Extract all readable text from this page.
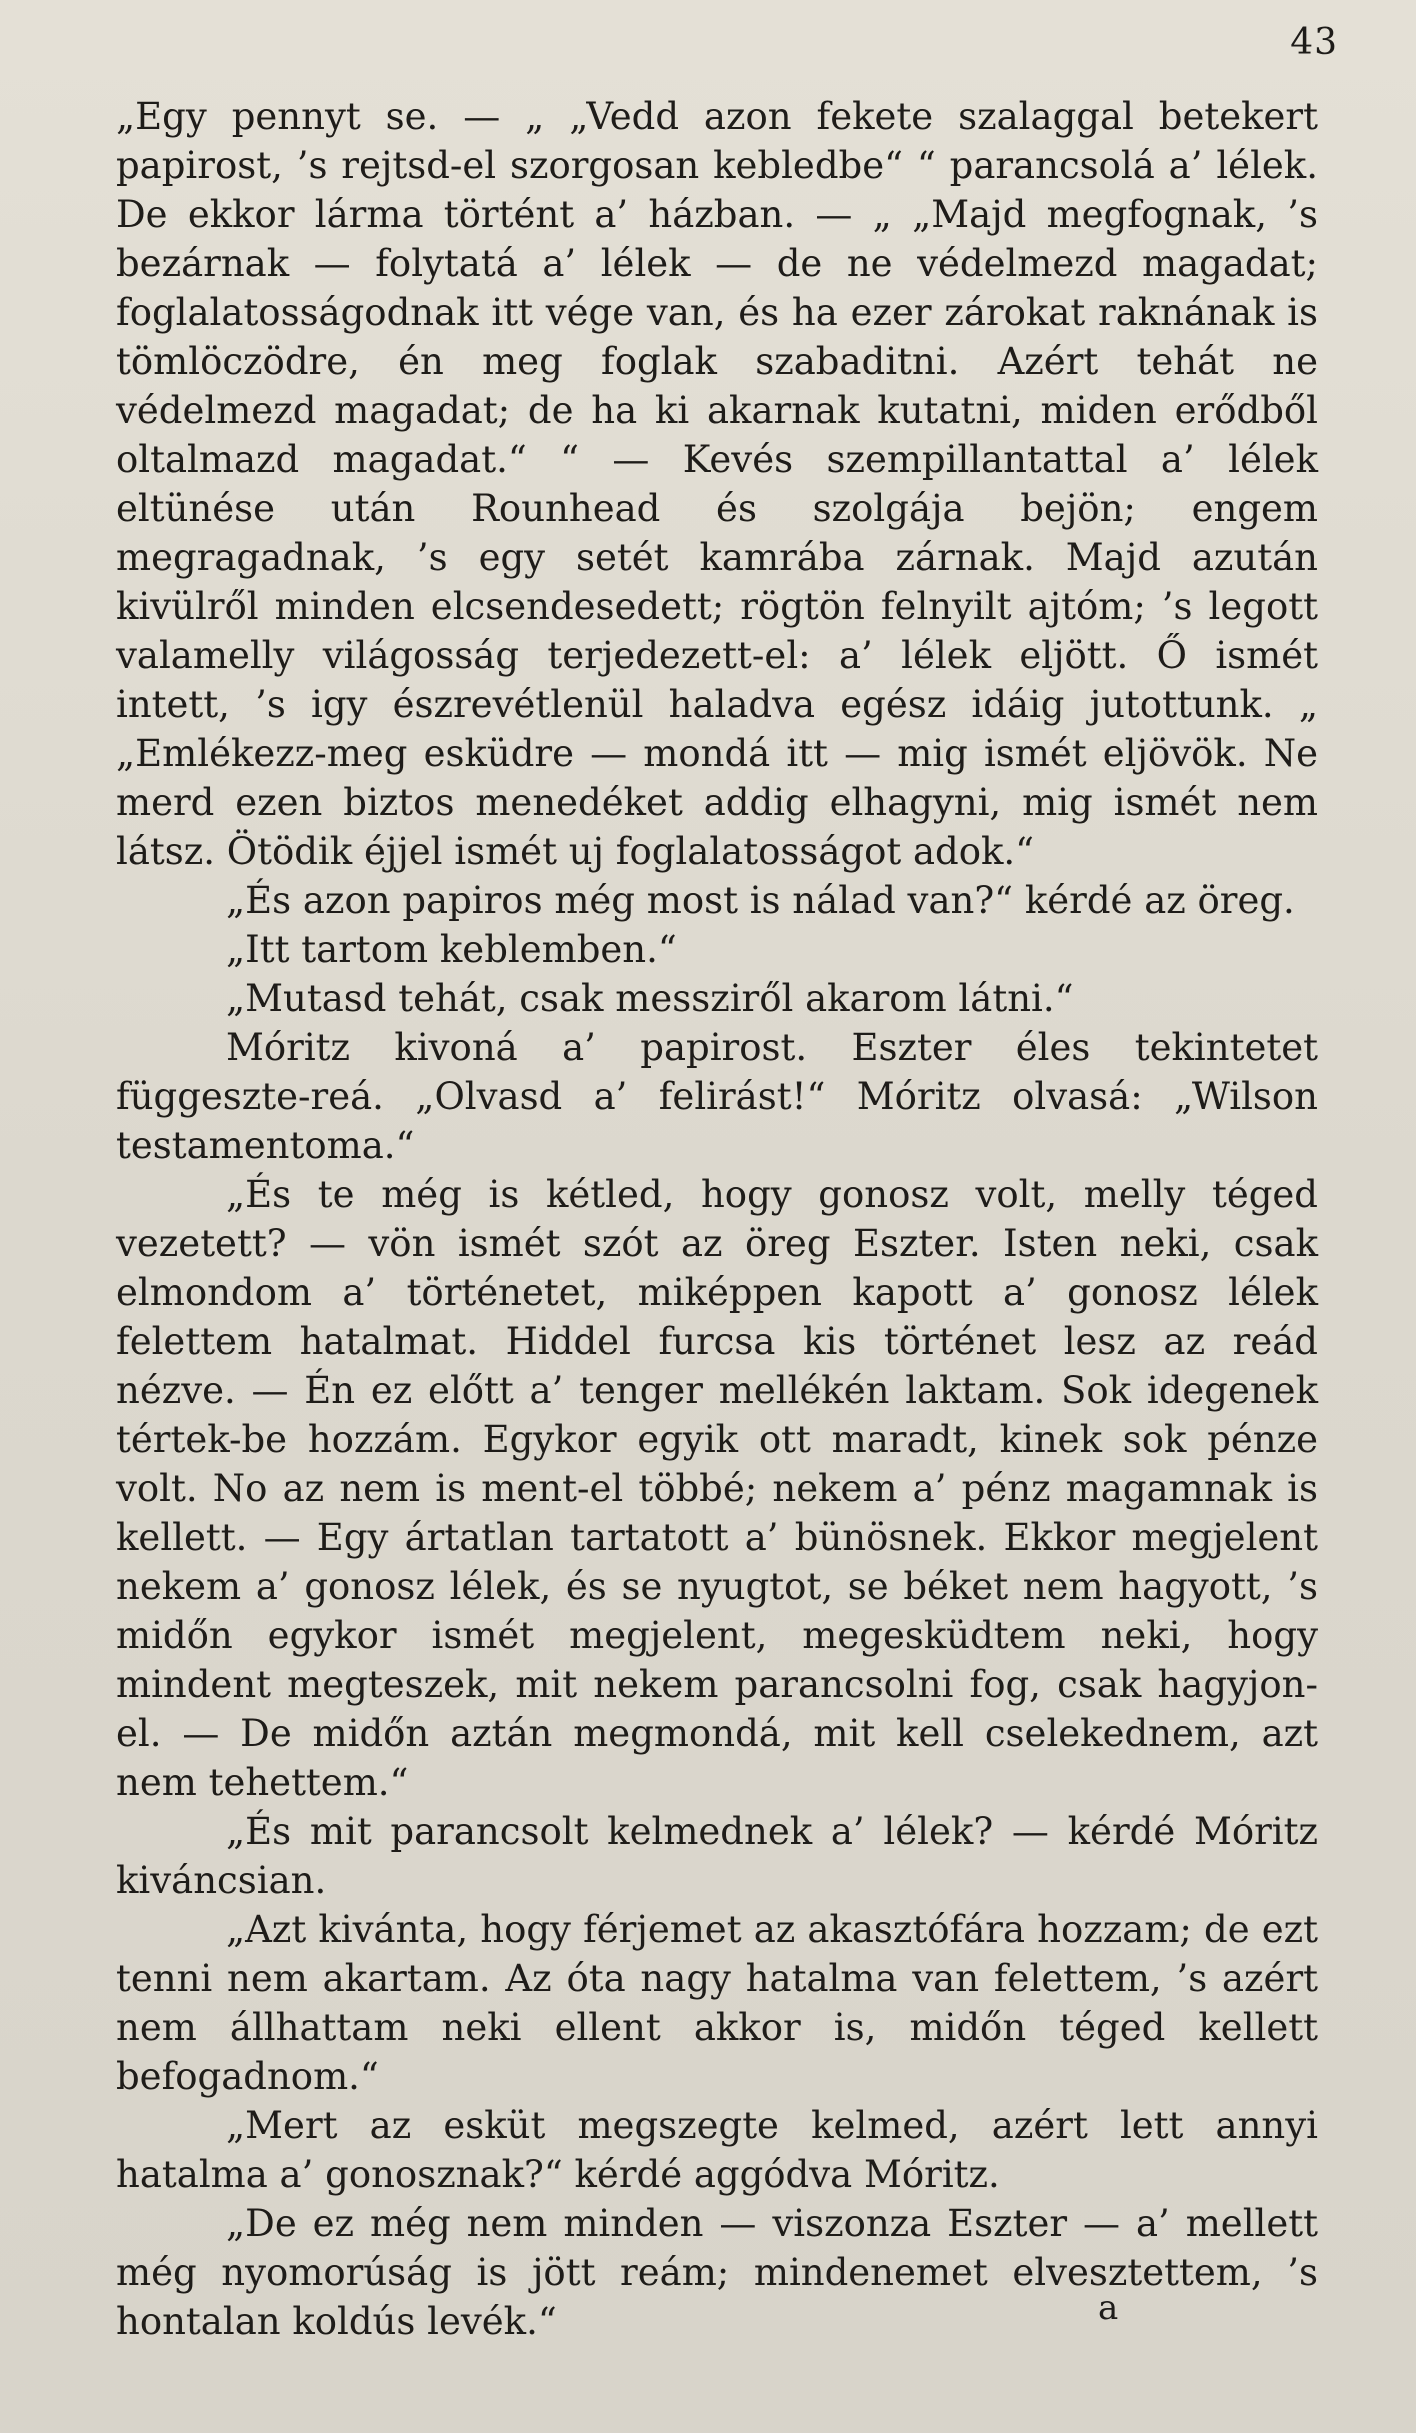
43

„Egy pennyt se. — „ „Vedd azon fekete szalaggal betekert papirost, ’s rejtsd-el szorgosan kebledbe“ “ parancsolá a’ lélek. De ekkor lárma történt a’ házban. — „ „Majd megfognak, ’s bezárnak — folytatá a’ lélek — de ne védelmezd magadat; foglalatosságodnak itt vége van, és ha ezer zárokat raknának is tömlöczödre, én meg foglak szabaditni. Azért tehát ne védelmezd magadat; de ha ki akarnak kutatni, miden erődből oltalmazd magadat.“ “ — Kevés szempillantattal a’ lélek eltünése után Rounhead és szolgája bejön; engem megragadnak, ’s egy setét kamrába zárnak. Majd azután kivülről minden elcsendesedett; rögtön felnyilt ajtóm; ’s legott valamelly világosság terjedezett-el: a’ lélek eljött. Ő ismét intett, ’s igy észrevétlenül haladva egész idáig jutottunk. „ „Emlékezz-meg esküdre — mondá itt — mig ismét eljövök. Ne merd ezen biztos menedéket addig elhagyni, mig ismét nem látsz. Ötödik éjjel ismét uj foglalatosságot adok.“

„És azon papiros még most is nálad van?“ kérdé az öreg.

„Itt tartom keblemben.“

„Mutasd tehát, csak messziről akarom látni.“

Móritz kivoná a’ papirost. Eszter éles tekintetet függeszte-reá. „Olvasd a’ felirást!“ Móritz olvasá: „Wilson testamentoma.“

„És te még is kétled, hogy gonosz volt, melly téged vezetett? — vön ismét szót az öreg Eszter. Isten neki, csak elmondom a’ történetet, miképpen kapott a’ gonosz lélek felettem hatalmat. Hiddel furcsa kis történet lesz az reád nézve. — Én ez előtt a’ tenger mellékén laktam. Sok idegenek tértek-be hozzám. Egykor egyik ott maradt, kinek sok pénze volt. No az nem is ment-el többé; nekem a’ pénz magamnak is kellett. — Egy ártatlan tartatott a’ bünösnek. Ekkor megjelent nekem a’ gonosz lélek, és se nyugtot, se béket nem hagyott, ’s midőn egykor ismét megjelent, megesküdtem neki, hogy mindent megteszek, mit nekem parancsolni fog, csak hagyjon-el. — De midőn aztán megmondá, mit kell cselekednem, azt nem tehettem.“

„És mit parancsolt kelmednek a’ lélek? — kérdé Móritz kiváncsian.

„Azt kivánta, hogy férjemet az akasztófára hozzam; de ezt tenni nem akartam. Az óta nagy hatalma van felettem, ’s azért nem állhattam neki ellent akkor is, midőn téged kellett befogadnom.“

„Mert az esküt megszegte kelmed, azért lett annyi hatalma a’ gonosznak?“ kérdé aggódva Móritz.

„De ez még nem minden — viszonza Eszter — a’ mellett még nyomorúság is jött reám; mindenemet elvesztettem, ’s hontalan koldús levék.“	a
